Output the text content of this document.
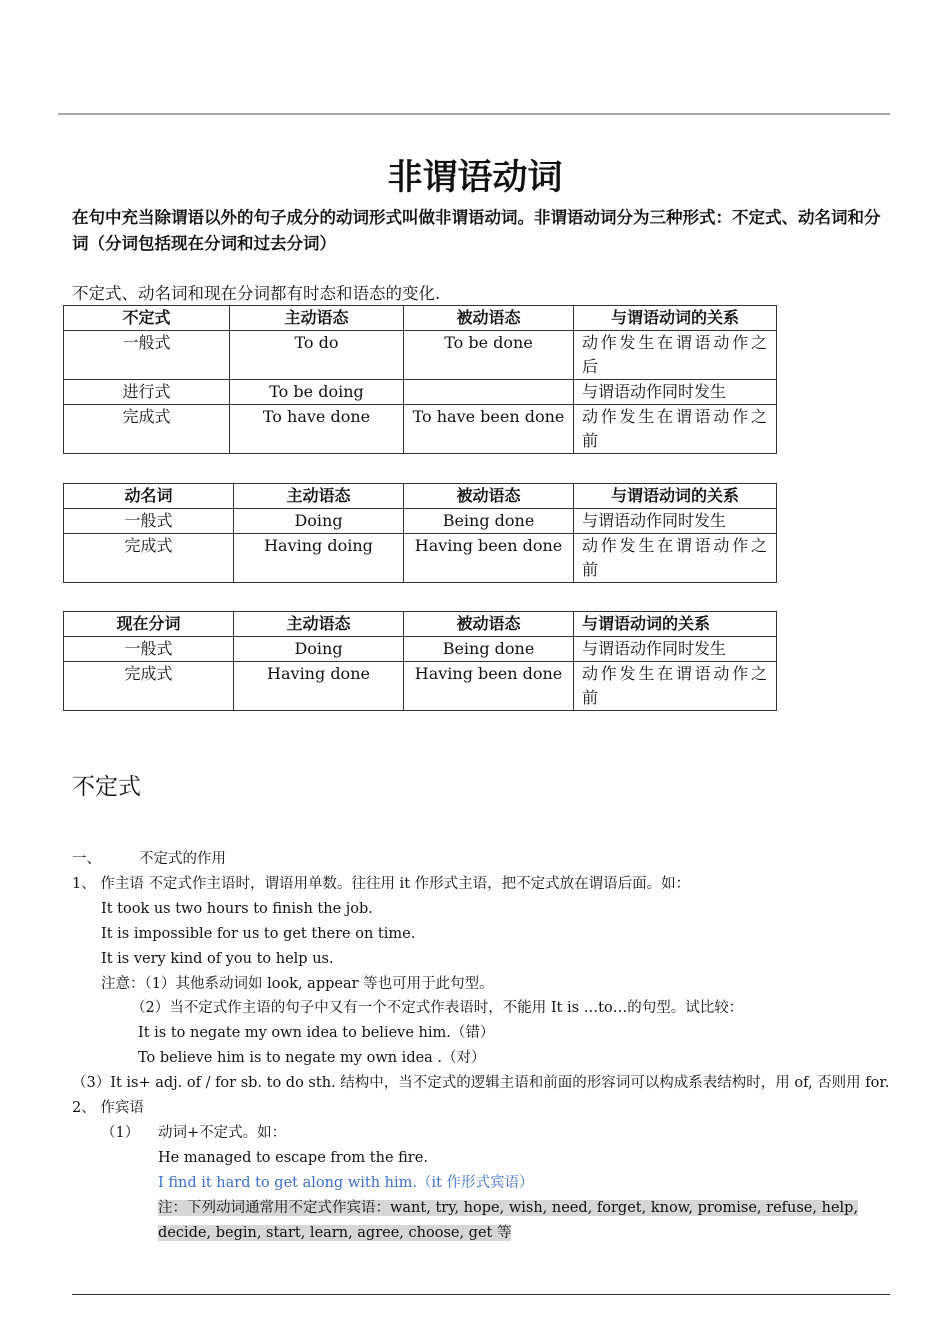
非谓语动词
在句中充当除谓语以外的句子成分的动词形式叫做非谓语动词。非谓语动词分为三种形式：不定式、动名词和分词（分词包括现在分词和过去分词）
不定式、动名词和现在分词都有时态和语态的变化.
不定式	主动语态	被动语态	与谓语动词的关系
一般式	To do	To be done	动作发生在谓语动作之后
进行式	To be doing		与谓语动作同时发生
完成式	To have done	To have been done	动作发生在谓语动作之前
动名词	主动语态	被动语态	与谓语动词的关系
一般式	Doing	Being done	与谓语动作同时发生
完成式	Having doing	Having been done	动作发生在谓语动作之前
现在分词	主动语态	被动语态	与谓语动词的关系
一般式	Doing	Being done	与谓语动作同时发生
完成式	Having done	Having been done	动作发生在谓语动作之前
不定式
一、	不定式的作用
1、 作主语 不定式作主语时，谓语用单数。往往用 it 作形式主语，把不定式放在谓语后面。如：
It took us two hours to finish the job.
It is impossible for us to get there on time.
It is very kind of you to help us.
注意：（1）其他系动词如 look, appear 等也可用于此句型。
（2）当不定式作主语的句子中又有一个不定式作表语时，不能用 It is …to…的句型。试比较：
It is to negate my own idea to believe him.（错）
To believe him is to negate my own idea .（对）
（3）It is+ adj. of / for sb. to do sth. 结构中，当不定式的逻辑主语和前面的形容词可以构成系表结构时，用 of, 否则用 for.
2、 作宾语
（1） 动词+不定式。如：
He managed to escape from the fire.
I find it hard to get along with him.（it 作形式宾语）
注：下列动词通常用不定式作宾语：want, try, hope, wish, need, forget, know, promise, refuse, help, decide, begin, start, learn, agree, choose, get 等
